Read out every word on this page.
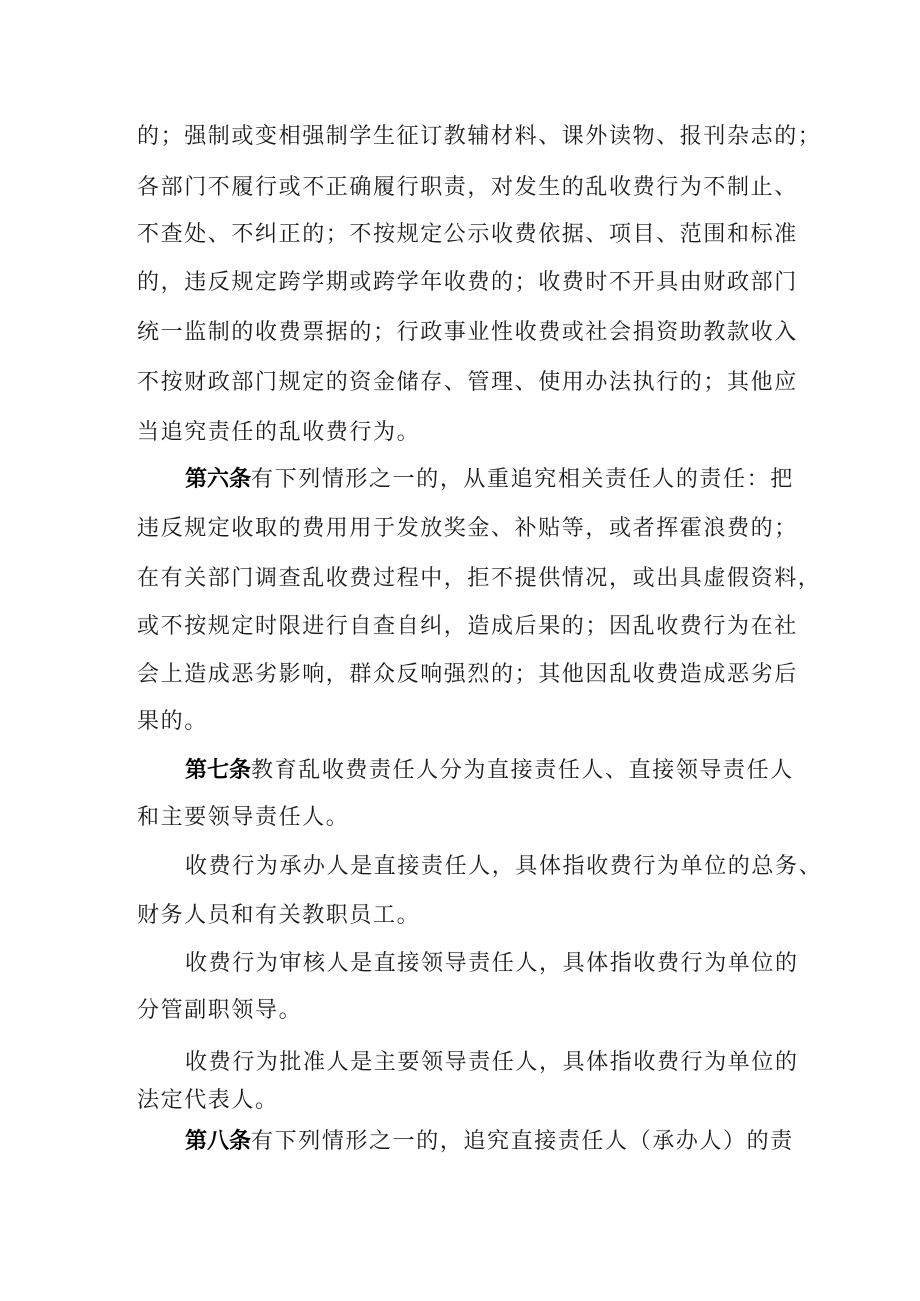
的；强制或变相强制学生征订教辅材料、课外读物、报刊杂志的；
各部门不履行或不正确履行职责，对发生的乱收费行为不制止、
不查处、不纠正的；不按规定公示收费依据、项目、范围和标准
的，违反规定跨学期或跨学年收费的；收费时不开具由财政部门
统一监制的收费票据的；行政事业性收费或社会捐资助教款收入
不按财政部门规定的资金储存、管理、使用办法执行的；其他应
当追究责任的乱收费行为。
第六条有下列情形之一的，从重追究相关责任人的责任：把
违反规定收取的费用用于发放奖金、补贴等，或者挥霍浪费的；
在有关部门调查乱收费过程中，拒不提供情况，或出具虚假资料，
或不按规定时限进行自查自纠，造成后果的；因乱收费行为在社
会上造成恶劣影响，群众反响强烈的；其他因乱收费造成恶劣后
果的。
第七条教育乱收费责任人分为直接责任人、直接领导责任人
和主要领导责任人。
收费行为承办人是直接责任人，具体指收费行为单位的总务、
财务人员和有关教职员工。
收费行为审核人是直接领导责任人，具体指收费行为单位的
分管副职领导。
收费行为批准人是主要领导责任人，具体指收费行为单位的
法定代表人。
第八条有下列情形之一的，追究直接责任人（承办人）的责
